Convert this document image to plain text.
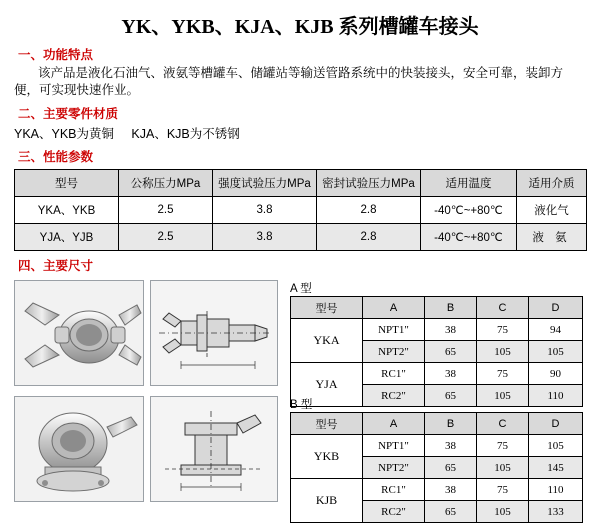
YK、YKB、KJA、KJB 系列槽罐车接头
一、功能特点
该产品是液化石油气、液氨等槽罐车、储罐站等输送管路系统中的快装接头，安全可靠，装卸方便，可实现快速作业。
二、主要零件材质
YKA、YKB为黄铜     KJA、KJB为不锈钢
三、性能参数
型号	公称压力MPa	强度试验压力MPa	密封试验压力MPa	适用温度	适用介质
YKA、YKB	2.5	3.8	2.8	-40℃~+80℃	液化气
YJA、YJB	2.5	3.8	2.8	-40℃~+80℃	液 氨
四、主要尺寸
A 型
型号	A	B	C	D
YKA	NPT1"	38	75	94
	NPT2"	65	105	105
YJA	RC1"	38	75	90
	RC2"	65	105	110
B 型
型号	A	B	C	D
YKB	NPT1"	38	75	105
	NPT2"	65	105	145
KJB	RC1"	38	75	110
	RC2"	65	105	133
